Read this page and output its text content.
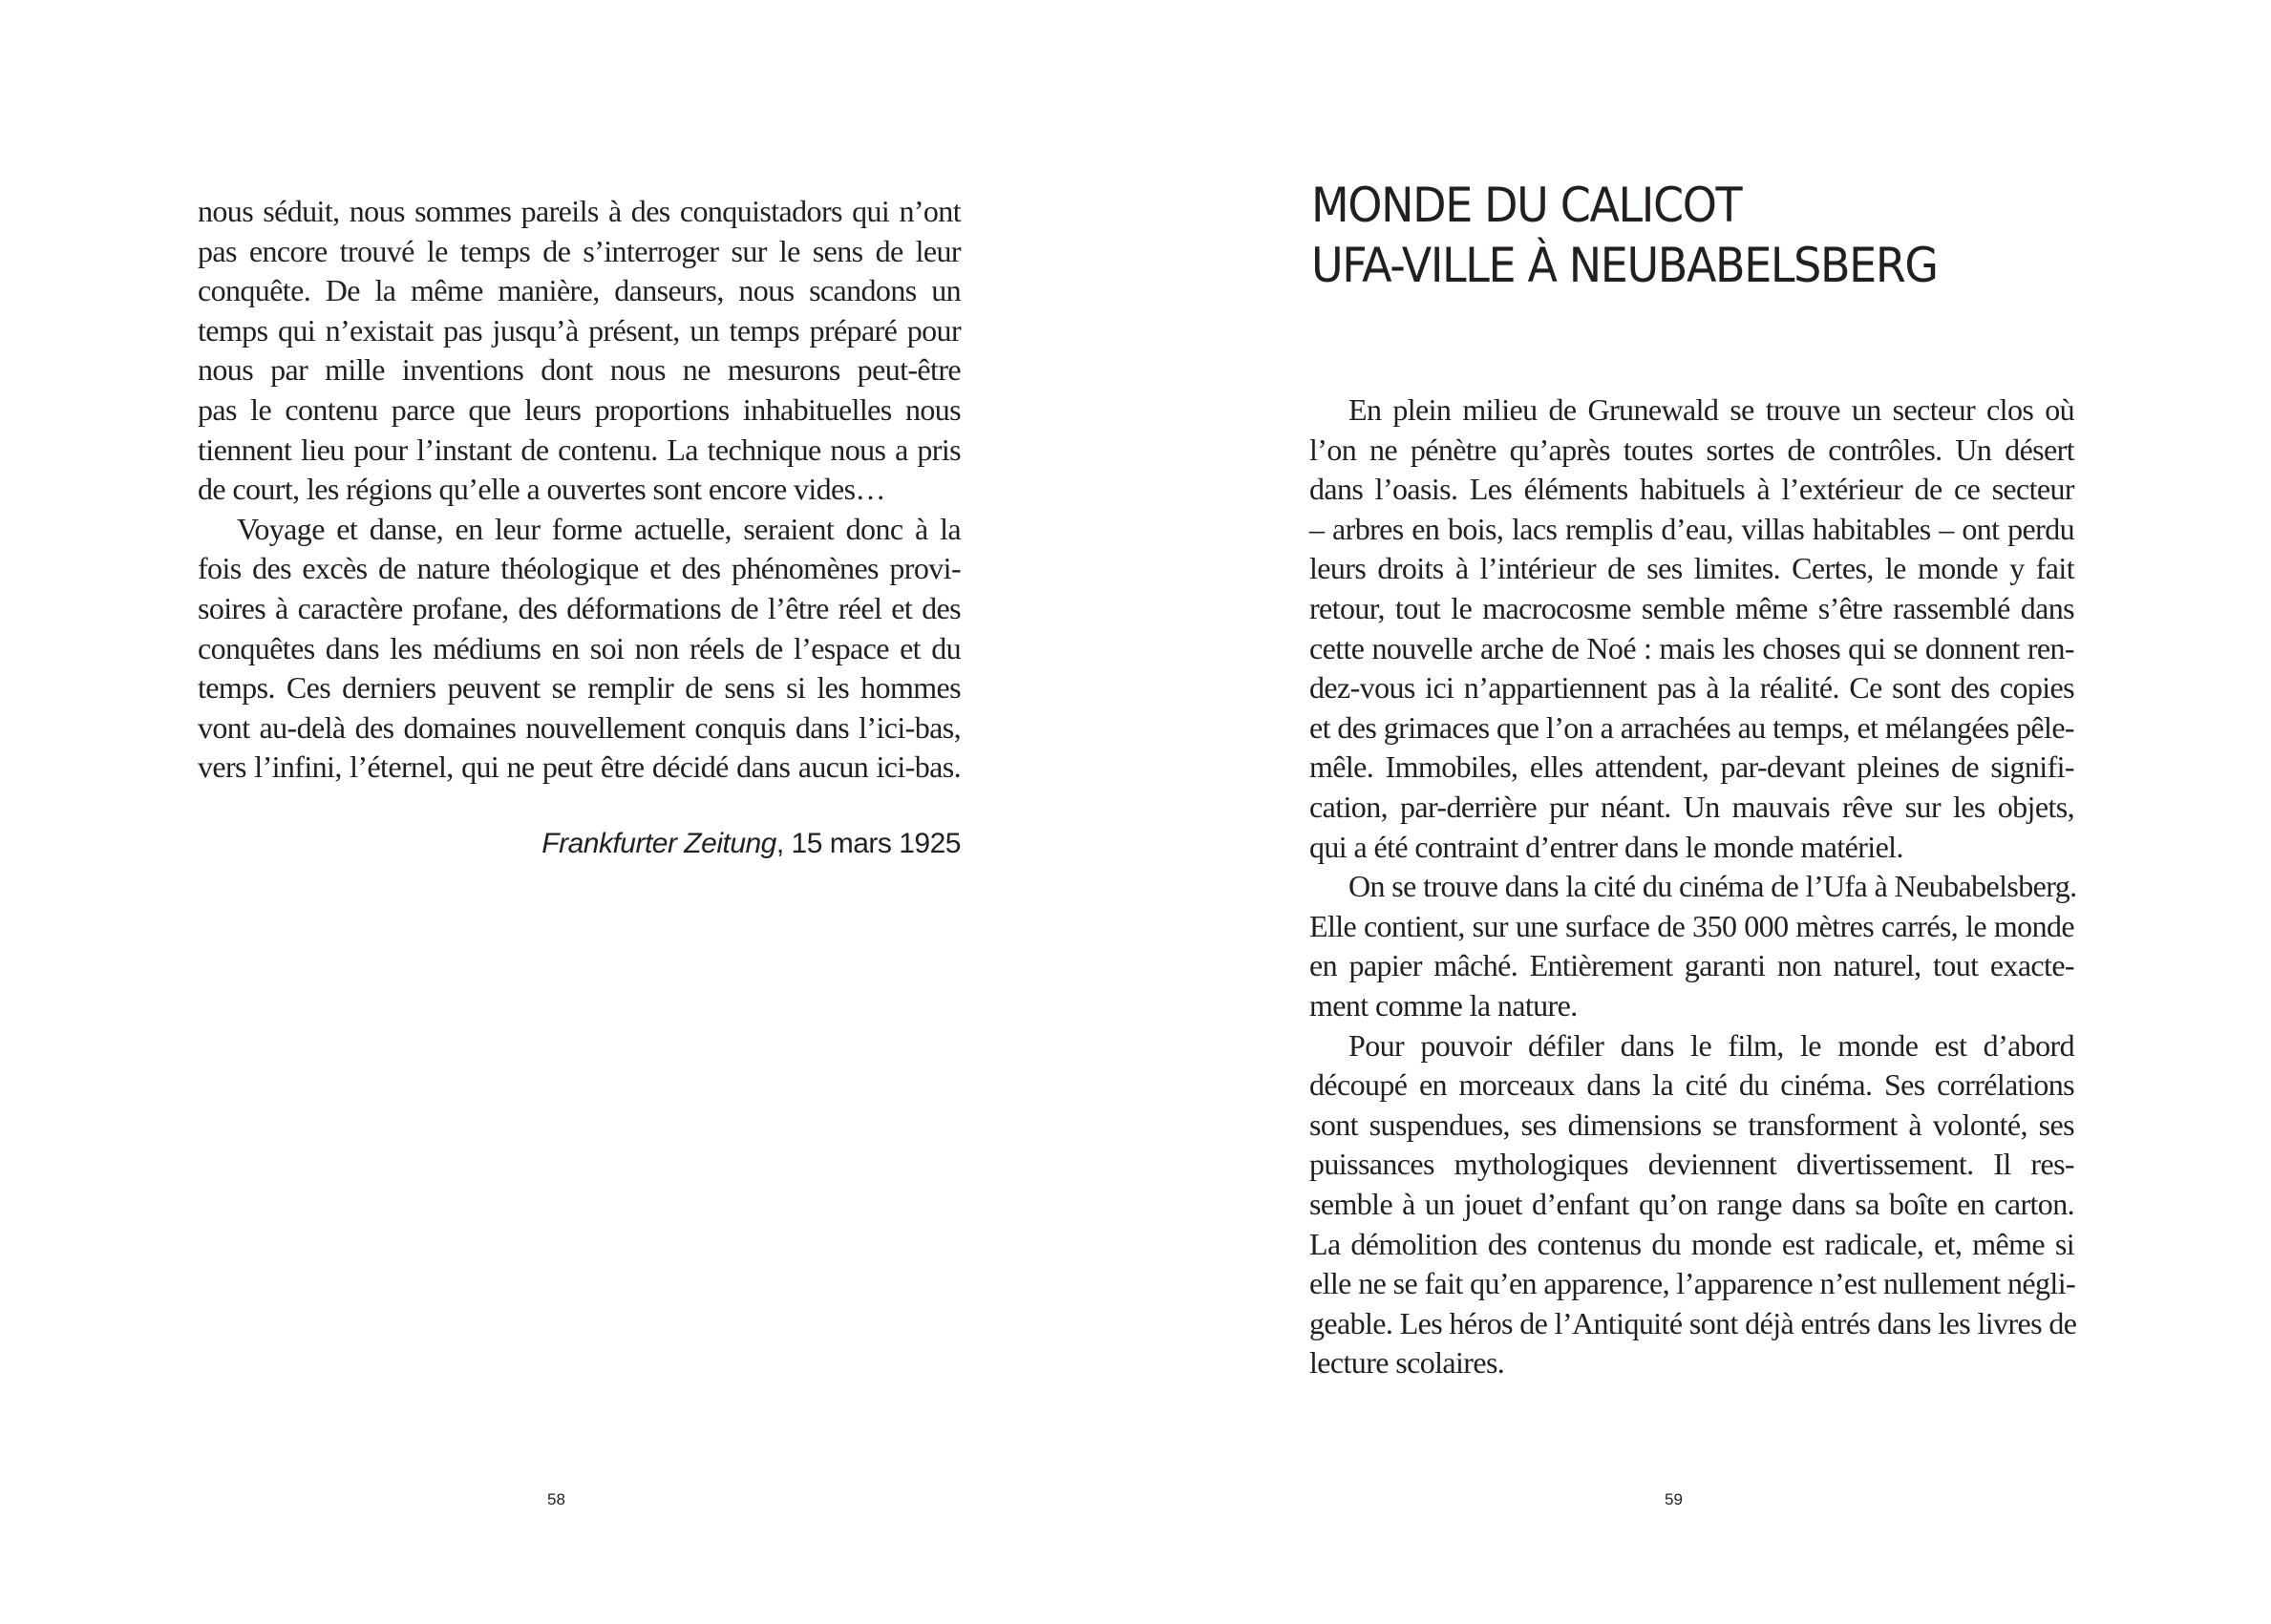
nous séduit, nous sommes pareils à des conquistadors qui n’ont
pas encore trouvé le temps de s’interroger sur le sens de leur
conquête. De la même manière, danseurs, nous scandons un
temps qui n’existait pas jusqu’à présent, un temps préparé pour
nous par mille inventions dont nous ne mesurons peut-être
pas le contenu parce que leurs proportions inhabituelles nous
tiennent lieu pour l’instant de contenu. La technique nous a pris
de court, les régions qu’elle a ouvertes sont encore vides…
Voyage et danse, en leur forme actuelle, seraient donc à la
fois des excès de nature théologique et des phénomènes provi-
soires à caractère profane, des déformations de l’être réel et des
conquêtes dans les médiums en soi non réels de l’espace et du
temps. Ces derniers peuvent se remplir de sens si les hommes
vont au-delà des domaines nouvellement conquis dans l’ici-bas,
vers l’infini, l’éternel, qui ne peut être décidé dans aucun ici-bas.
Frankfurter Zeitung, 15 mars 1925
58
MONDE DU CALICOT
UFA-VILLE À NEUBABELSBERG
En plein milieu de Grunewald se trouve un secteur clos où
l’on ne pénètre qu’après toutes sortes de contrôles. Un désert
dans l’oasis. Les éléments habituels à l’extérieur de ce secteur
– arbres en bois, lacs remplis d’eau, villas habitables – ont perdu
leurs droits à l’intérieur de ses limites. Certes, le monde y fait
retour, tout le macrocosme semble même s’être rassemblé dans
cette nouvelle arche de Noé : mais les choses qui se donnent ren-
dez-vous ici n’appartiennent pas à la réalité. Ce sont des copies
et des grimaces que l’on a arrachées au temps, et mélangées pêle-
mêle. Immobiles, elles attendent, par-devant pleines de signifi-
cation, par-derrière pur néant. Un mauvais rêve sur les objets,
qui a été contraint d’entrer dans le monde matériel.
On se trouve dans la cité du cinéma de l’Ufa à Neubabelsberg.
Elle contient, sur une surface de 350 000 mètres carrés, le monde
en papier mâché. Entièrement garanti non naturel, tout exacte-
ment comme la nature.
Pour pouvoir défiler dans le film, le monde est d’abord
découpé en morceaux dans la cité du cinéma. Ses corrélations
sont suspendues, ses dimensions se transforment à volonté, ses
puissances mythologiques deviennent divertissement. Il res-
semble à un jouet d’enfant qu’on range dans sa boîte en carton.
La démolition des contenus du monde est radicale, et, même si
elle ne se fait qu’en apparence, l’apparence n’est nullement négli-
geable. Les héros de l’Antiquité sont déjà entrés dans les livres de
lecture scolaires.
59
